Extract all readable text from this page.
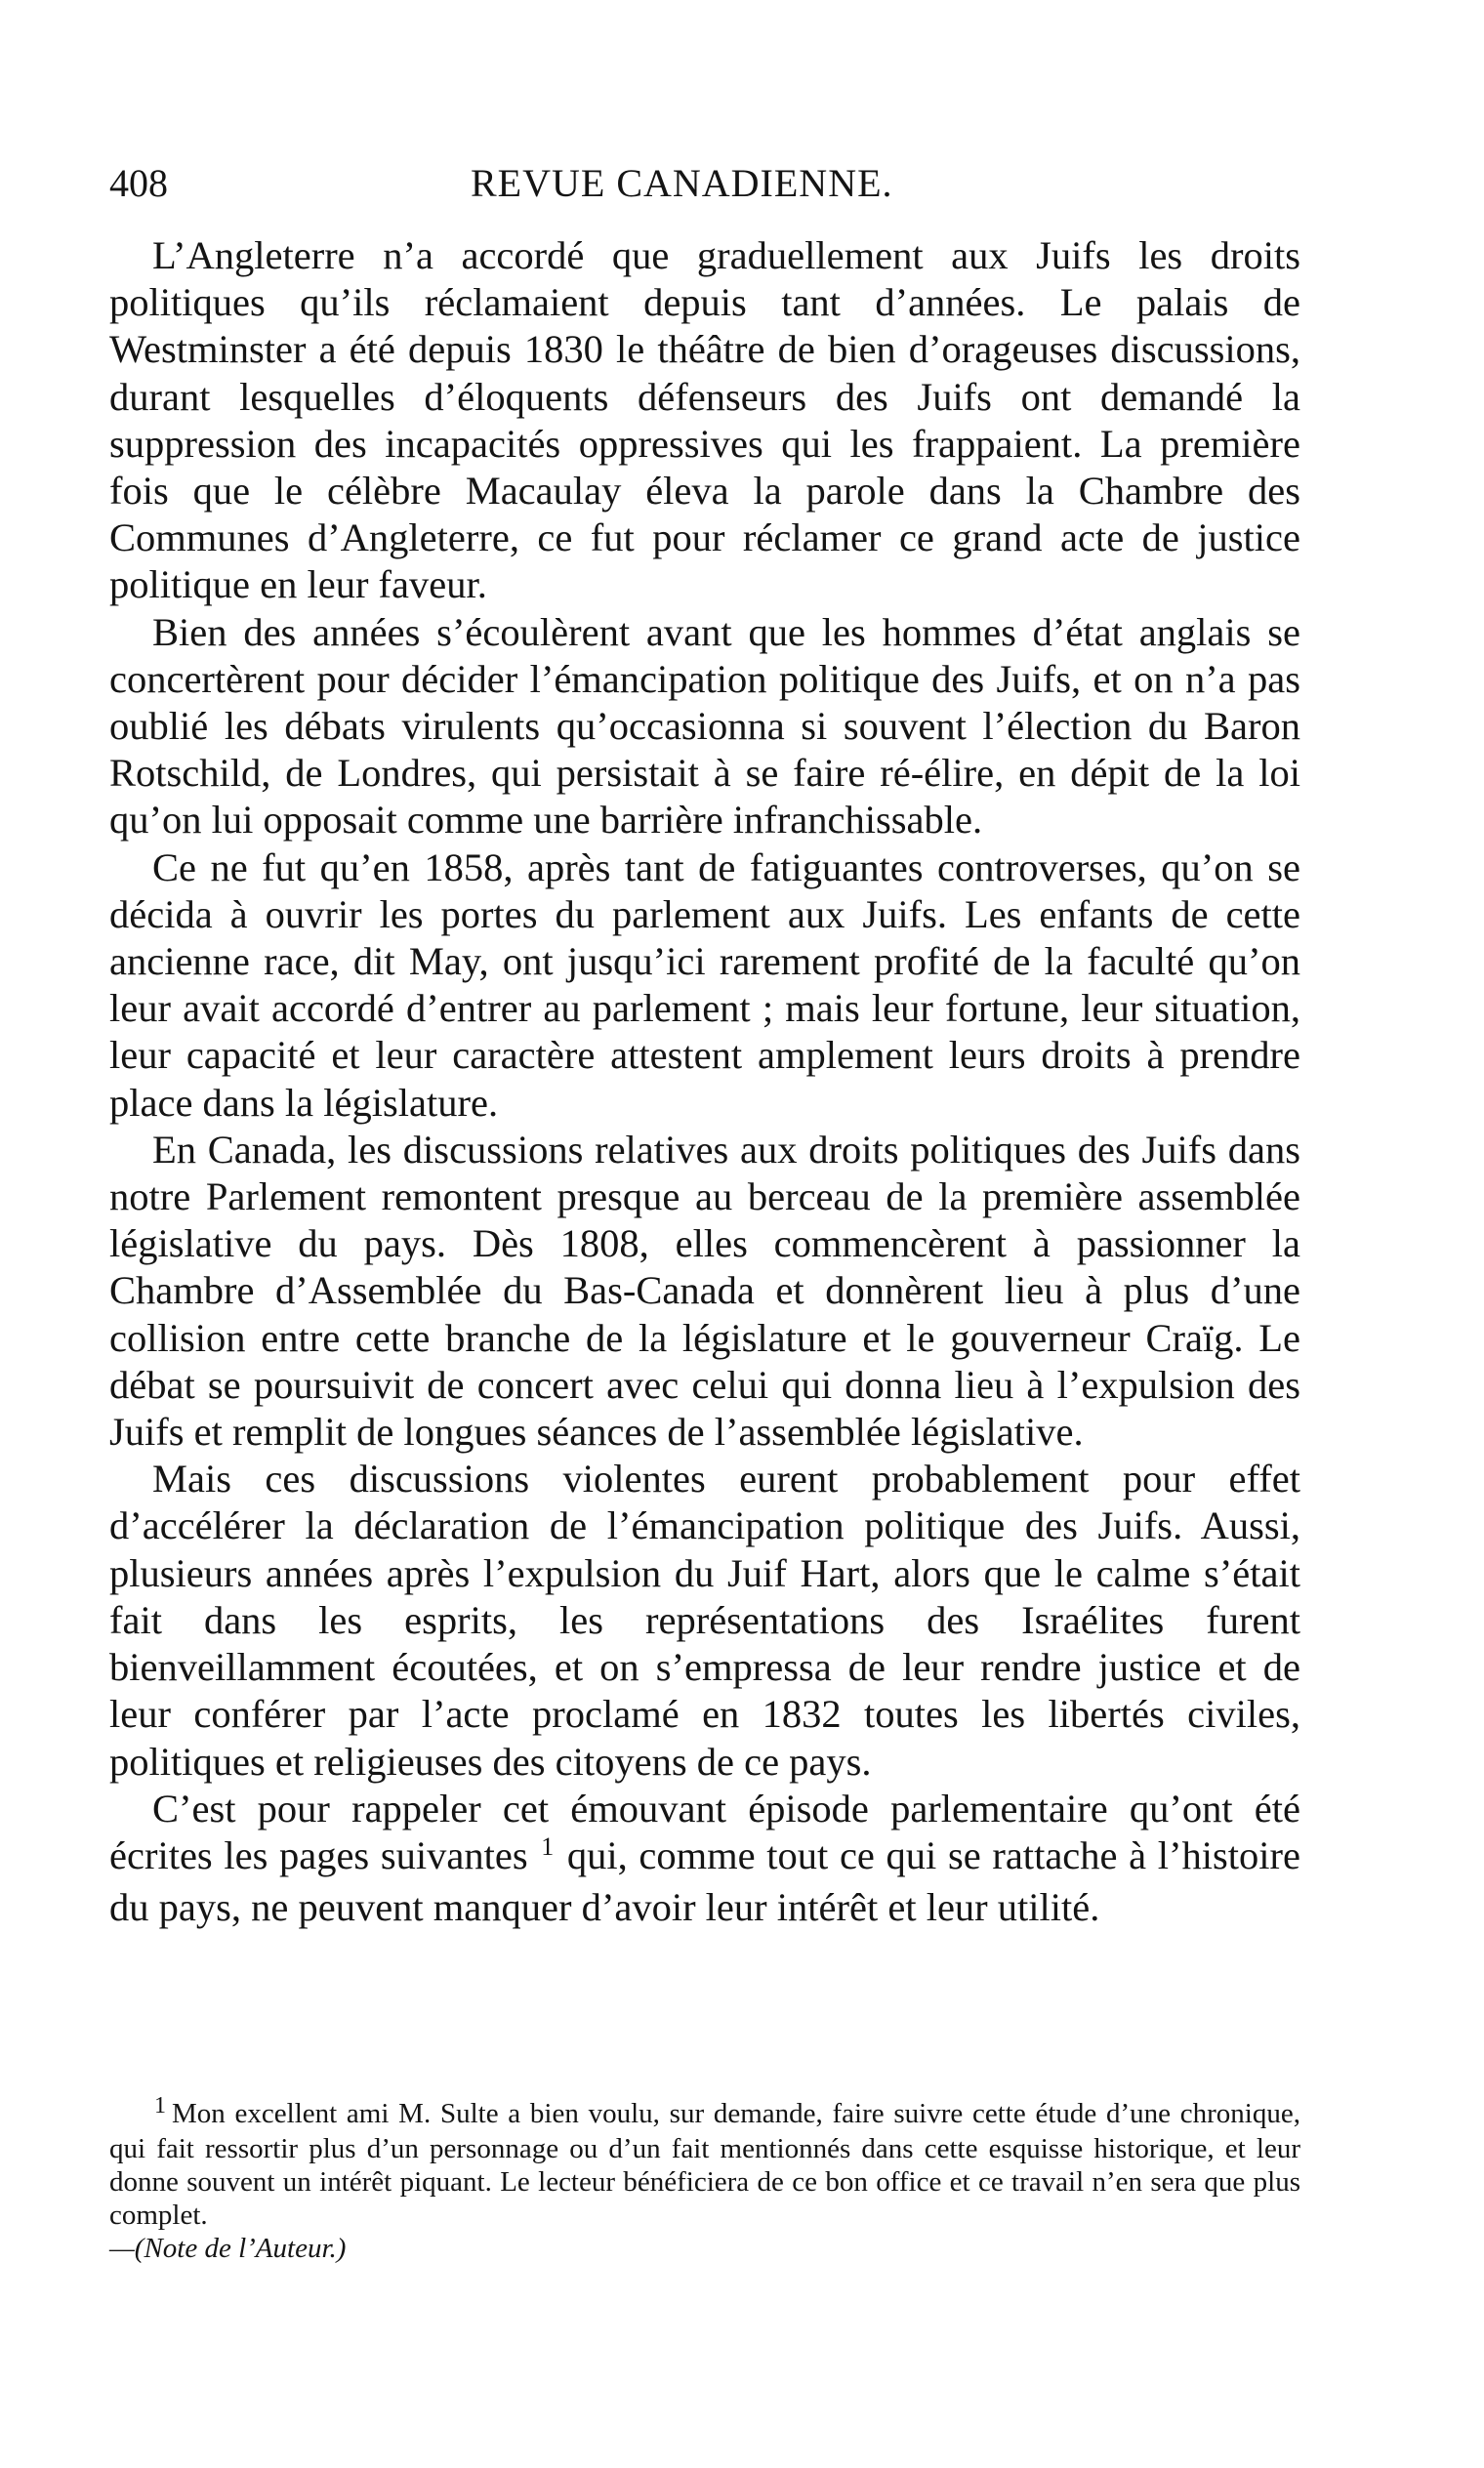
408	REVUE CANADIENNE.

L’Angleterre n’a accordé que graduellement aux Juifs les droits politiques qu’ils réclamaient depuis tant d’années. Le palais de Westminster a été depuis 1830 le théâtre de bien d’orageuses discussions, durant lesquelles d’éloquents défenseurs des Juifs ont demandé la suppression des incapacités oppressives qui les frappaient. La première fois que le célèbre Macaulay éleva la parole dans la Chambre des Communes d’Angleterre, ce fut pour réclamer ce grand acte de justice politique en leur faveur.

Bien des années s’écoulèrent avant que les hommes d’état anglais se concertèrent pour décider l’émancipation politique des Juifs, et on n’a pas oublié les débats virulents qu’occasionna si souvent l’élection du Baron Rotschild, de Londres, qui persistait à se faire ré-élire, en dépit de la loi qu’on lui opposait comme une barrière infranchissable.

Ce ne fut qu’en 1858, après tant de fatiguantes controverses, qu’on se décida à ouvrir les portes du parlement aux Juifs. Les enfants de cette ancienne race, dit May, ont jusqu’ici rarement profité de la faculté qu’on leur avait accordé d’entrer au parlement ; mais leur fortune, leur situation, leur capacité et leur caractère attestent amplement leurs droits à prendre place dans la législature.

En Canada, les discussions relatives aux droits politiques des Juifs dans notre Parlement remontent presque au berceau de la première assemblée législative du pays. Dès 1808, elles commencèrent à passionner la Chambre d’Assemblée du Bas-Canada et donnèrent lieu à plus d’une collision entre cette branche de la législature et le gouverneur Craïg. Le débat se poursuivit de concert avec celui qui donna lieu à l’expulsion des Juifs et remplit de longues séances de l’assemblée législative.

Mais ces discussions violentes eurent probablement pour effet d’accélérer la déclaration de l’émancipation politique des Juifs. Aussi, plusieurs années après l’expulsion du Juif Hart, alors que le calme s’était fait dans les esprits, les représentations des Israélites furent bienveillamment écoutées, et on s’empressa de leur rendre justice et de leur conférer par l’acte proclamé en 1832 toutes les libertés civiles, politiques et religieuses des citoyens de ce pays.

C’est pour rappeler cet émouvant épisode parlementaire qu’ont été écrites les pages suivantes $^1$ qui, comme tout ce qui se rattache à l’histoire du pays, ne peuvent manquer d’avoir leur intérêt et leur utilité.

$^1$ Mon excellent ami M. Sulte a bien voulu, sur demande, faire suivre cette étude d’une chronique, qui fait ressortir plus d’un personnage ou d’un fait mentionnés dans cette esquisse historique, et leur donne souvent un intérêt piquant. Le lecteur bénéficiera de ce bon office et ce travail n’en sera que plus complet.
—(Note de l’Auteur.)
